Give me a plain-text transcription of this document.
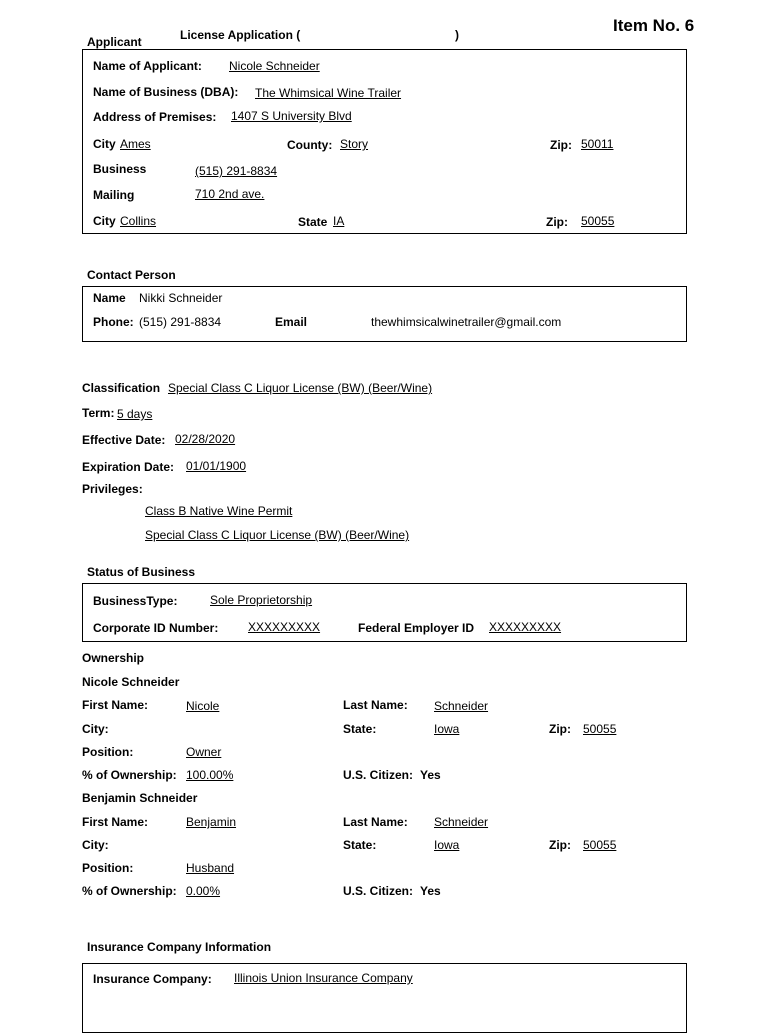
Item No. 6
Applicant	License Application (	)
Name of Applicant: Nicole Schneider
Name of Business (DBA): The Whimsical Wine Trailer
Address of Premises: 1407 S University Blvd
City Ames	County: Story	Zip: 50011
Business	(515) 291-8834
Mailing	710 2nd ave.
City Collins	State IA	Zip: 50055
Contact Person
Name Nikki Schneider
Phone: (515) 291-8834	Email	thewhimsicalwinetrailer@gmail.com
Classification Special Class C Liquor License (BW) (Beer/Wine)
Term: 5 days
Effective Date: 02/28/2020
Expiration Date: 01/01/1900
Privileges:
Class B Native Wine Permit
Special Class C Liquor License (BW) (Beer/Wine)
Status of Business
BusinessType:	Sole Proprietorship
Corporate ID Number: XXXXXXXXX	Federal Employer ID XXXXXXXXX
Ownership
Nicole Schneider
First Name:	Nicole	Last Name: Schneider
City:	State:	Iowa	Zip: 50055
Position:	Owner
% of Ownership: 100.00%	U.S. Citizen: Yes
Benjamin Schneider
First Name:	Benjamin	Last Name: Schneider
City:	State:	Iowa	Zip: 50055
Position:	Husband
% of Ownership: 0.00%	U.S. Citizen: Yes
Insurance Company Information
Insurance Company: Illinois Union Insurance Company
